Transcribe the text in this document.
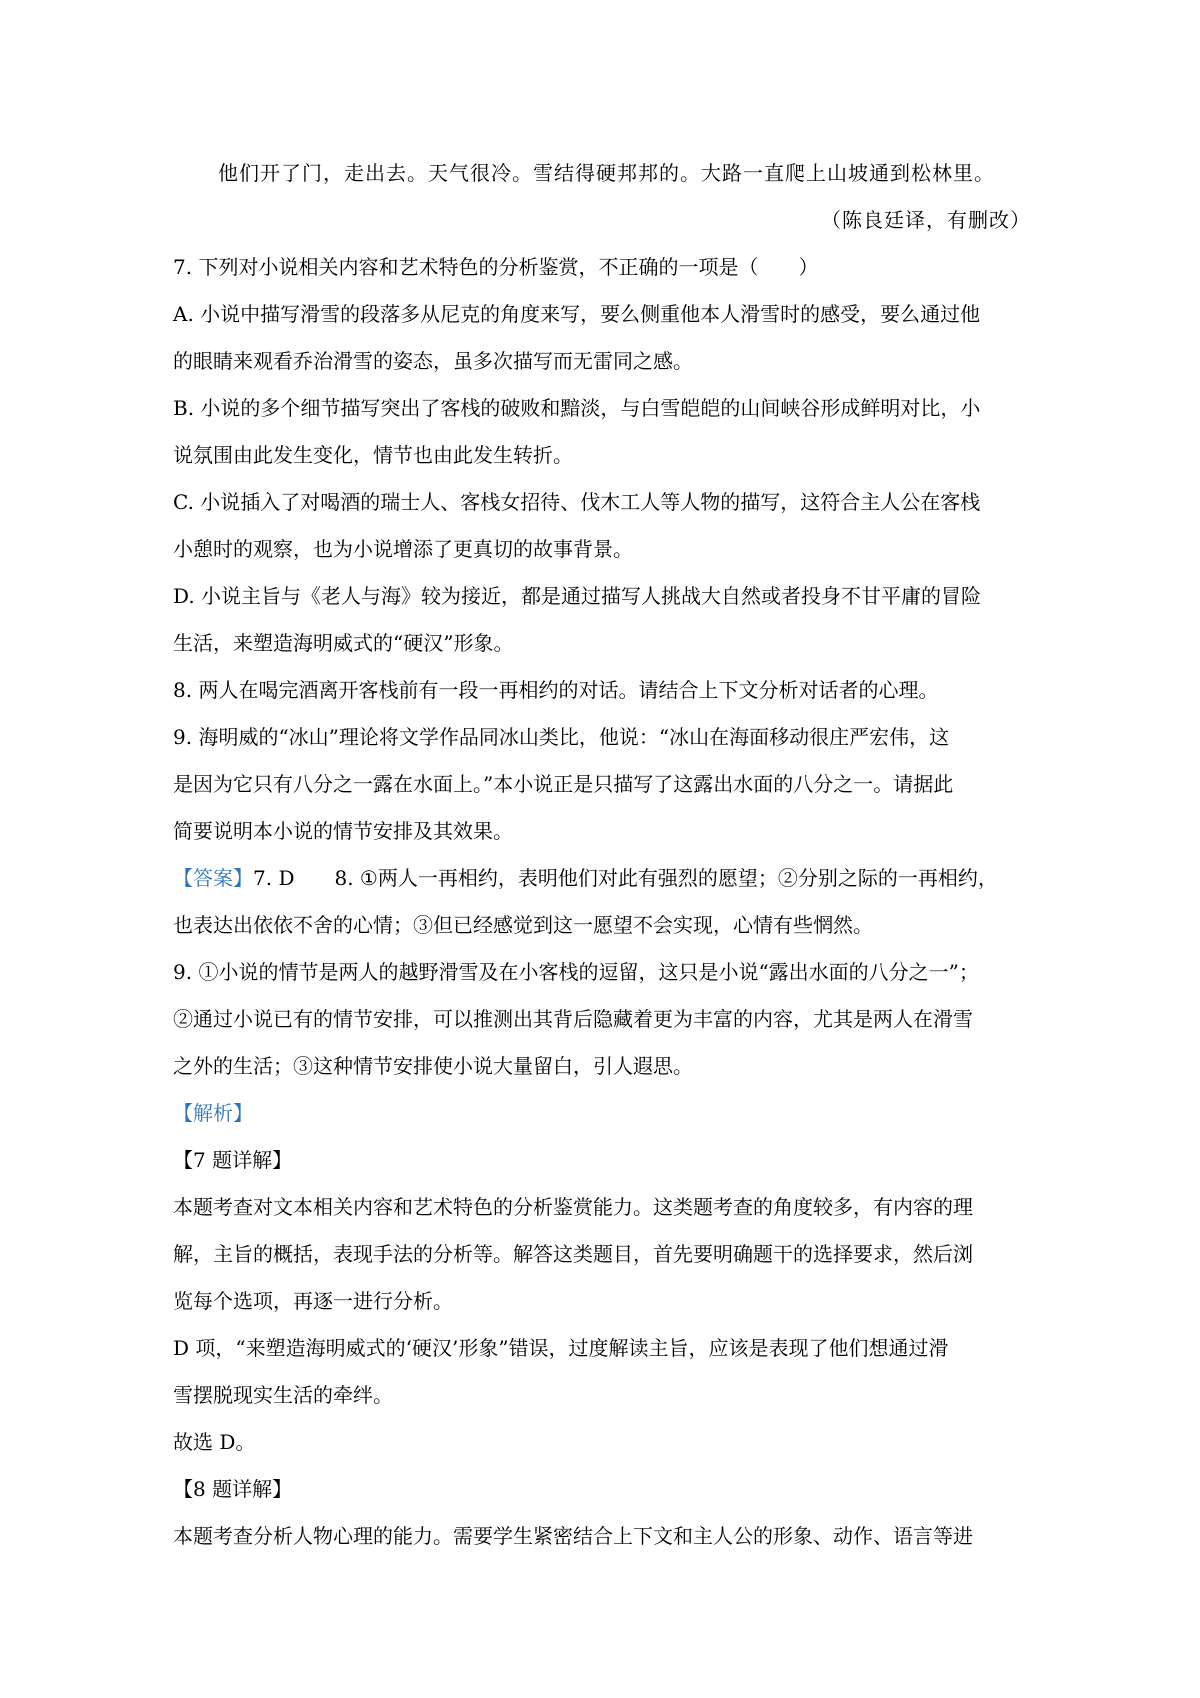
他们开了门，走出去。天气很冷。雪结得硬邦邦的。大路一直爬上山坡通到松林里。

（陈良廷译，有删改）

7. 下列对小说相关内容和艺术特色的分析鉴赏，不正确的一项是（　　）

A. 小说中描写滑雪的段落多从尼克的角度来写，要么侧重他本人滑雪时的感受，要么通过他

的眼睛来观看乔治滑雪的姿态，虽多次描写而无雷同之感。

B. 小说的多个细节描写突出了客栈的破败和黯淡，与白雪皑皑的山间峡谷形成鲜明对比，小

说氛围由此发生变化，情节也由此发生转折。

C. 小说插入了对喝酒的瑞士人、客栈女招待、伐木工人等人物的描写，这符合主人公在客栈

小憩时的观察，也为小说增添了更真切的故事背景。

D. 小说主旨与《老人与海》较为接近，都是通过描写人挑战大自然或者投身不甘平庸的冒险

生活，来塑造海明威式的“硬汉”形象。

8. 两人在喝完酒离开客栈前有一段一再相约的对话。请结合上下文分析对话者的心理。

9. 海明威的“冰山”理论将文学作品同冰山类比，他说：“冰山在海面移动很庄严宏伟，这

是因为它只有八分之一露在水面上。”本小说正是只描写了这露出水面的八分之一。请据此

简要说明本小说的情节安排及其效果。

【答案】7. D 8. ①两人一再相约，表明他们对此有强烈的愿望；②分别之际的一再相约，

也表达出依依不舍的心情；③但已经感觉到这一愿望不会实现，心情有些惘然。

9. ①小说的情节是两人的越野滑雪及在小客栈的逗留，这只是小说“露出水面的八分之一”；

②通过小说已有的情节安排，可以推测出其背后隐藏着更为丰富的内容，尤其是两人在滑雪

之外的生活；③这种情节安排使小说大量留白，引人遐思。

【解析】

【7 题详解】

本题考查对文本相关内容和艺术特色的分析鉴赏能力。这类题考查的角度较多，有内容的理

解，主旨的概括，表现手法的分析等。解答这类题目，首先要明确题干的选择要求，然后浏

览每个选项，再逐一进行分析。

D 项，“来塑造海明威式的‘硬汉’形象”错误，过度解读主旨，应该是表现了他们想通过滑

雪摆脱现实生活的牵绊。

故选 D。

【8 题详解】

本题考查分析人物心理的能力。需要学生紧密结合上下文和主人公的形象、动作、语言等进
